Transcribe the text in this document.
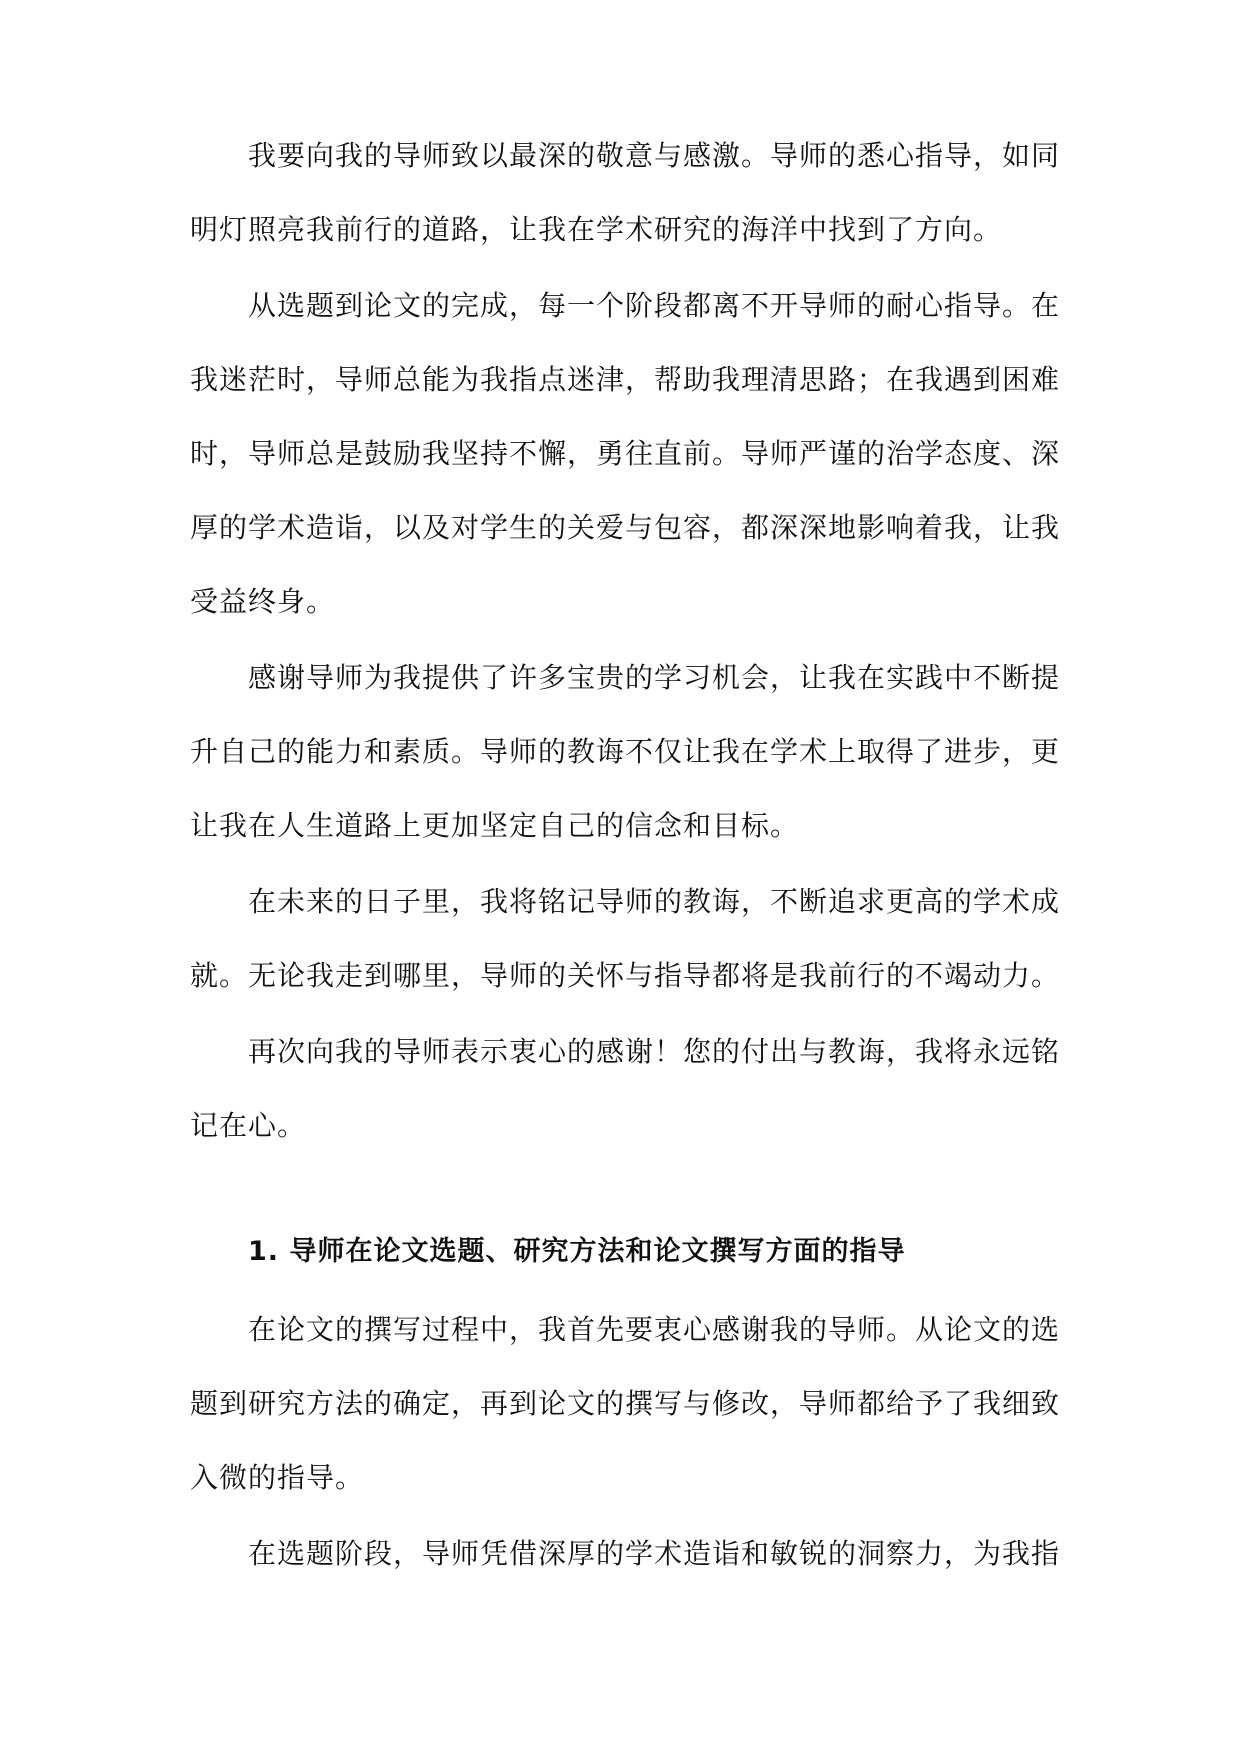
我要向我的导师致以最深的敬意与感激。导师的悉心指导，如同
明灯照亮我前行的道路，让我在学术研究的海洋中找到了方向。
从选题到论文的完成，每一个阶段都离不开导师的耐心指导。在
我迷茫时，导师总能为我指点迷津，帮助我理清思路；在我遇到困难
时，导师总是鼓励我坚持不懈，勇往直前。导师严谨的治学态度、深
厚的学术造诣，以及对学生的关爱与包容，都深深地影响着我，让我
受益终身。
感谢导师为我提供了许多宝贵的学习机会，让我在实践中不断提
升自己的能力和素质。导师的教诲不仅让我在学术上取得了进步，更
让我在人生道路上更加坚定自己的信念和目标。
在未来的日子里，我将铭记导师的教诲，不断追求更高的学术成
就。无论我走到哪里，导师的关怀与指导都将是我前行的不竭动力。
再次向我的导师表示衷心的感谢！您的付出与教诲，我将永远铭
记在心。
1. 导师在论文选题、研究方法和论文撰写方面的指导
在论文的撰写过程中，我首先要衷心感谢我的导师。从论文的选
题到研究方法的确定，再到论文的撰写与修改，导师都给予了我细致
入微的指导。
在选题阶段，导师凭借深厚的学术造诣和敏锐的洞察力，为我指
